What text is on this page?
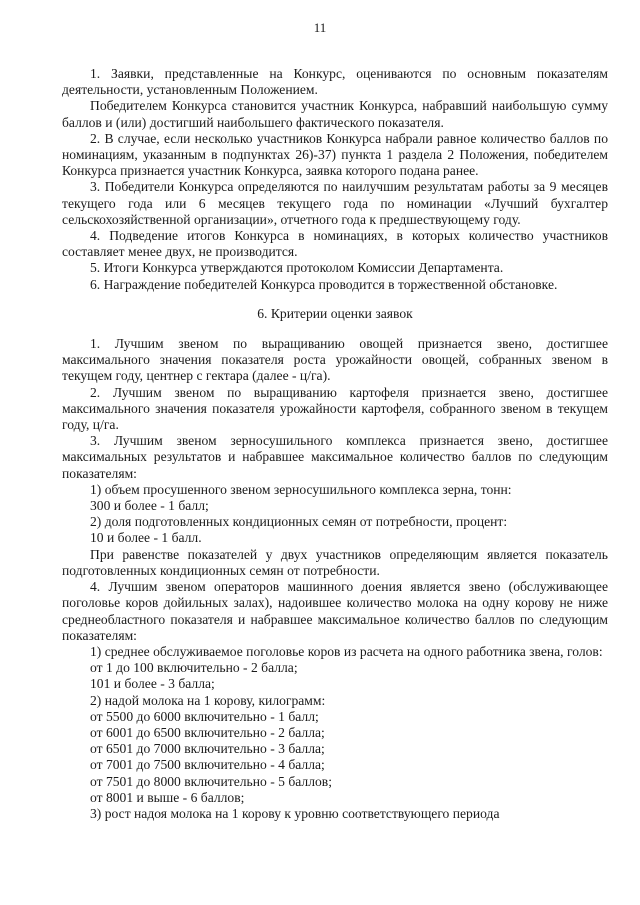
11

1. Заявки, представленные на Конкурс, оцениваются по основным показателям деятельности, установленным Положением.

Победителем Конкурса становится участник Конкурса, набравший наибольшую сумму баллов и (или) достигший наибольшего фактического показателя.

2. В случае, если несколько участников Конкурса набрали равное количество баллов по номинациям, указанным в подпунктах 26)-37) пункта 1 раздела 2 Положения, победителем Конкурса признается участник Конкурса, заявка которого подана ранее.

3. Победители Конкурса определяются по наилучшим результатам работы за 9 месяцев текущего года или 6 месяцев текущего года по номинации «Лучший бухгалтер сельскохозяйственной организации», отчетного года к предшествующему году.

4. Подведение итогов Конкурса в номинациях, в которых количество участников составляет менее двух, не производится.

5. Итоги Конкурса утверждаются протоколом Комиссии Департамента.

6. Награждение победителей Конкурса проводится в торжественной обстановке.

6. Критерии оценки заявок

1. Лучшим звеном по выращиванию овощей признается звено, достигшее максимального значения показателя роста урожайности овощей, собранных звеном в текущем году, центнер с гектара (далее - ц/га).

2. Лучшим звеном по выращиванию картофеля признается звено, достигшее максимального значения показателя урожайности картофеля, собранного звеном в текущем году, ц/га.

3. Лучшим звеном зерносушильного комплекса признается звено, достигшее максимальных результатов и набравшее максимальное количество баллов по следующим показателям:

1) объем просушенного звеном зерносушильного комплекса зерна, тонн:

300 и более - 1 балл;

2) доля подготовленных кондиционных семян от потребности, процент:

10 и более - 1 балл.

При равенстве показателей у двух участников определяющим является показатель подготовленных кондиционных семян от потребности.

4. Лучшим звеном операторов машинного доения является звено (обслуживающее поголовье коров дойильных залах), надоившее количество молока на одну корову не ниже среднеобластного показателя и набравшее максимальное количество баллов по следующим показателям:

1) среднее обслуживаемое поголовье коров из расчета на одного работника звена, голов:

от 1 до 100 включительно - 2 балла;

101 и более - 3 балла;

2) надой молока на 1 корову, килограмм:

от 5500 до 6000 включительно - 1 балл;

от 6001 до 6500 включительно - 2 балла;

от 6501 до 7000 включительно - 3 балла;

от 7001 до 7500 включительно - 4 балла;

от 7501 до 8000 включительно - 5 баллов;

от 8001 и выше - 6 баллов;

3) рост надоя молока на 1 корову к уровню соответствующего периода
